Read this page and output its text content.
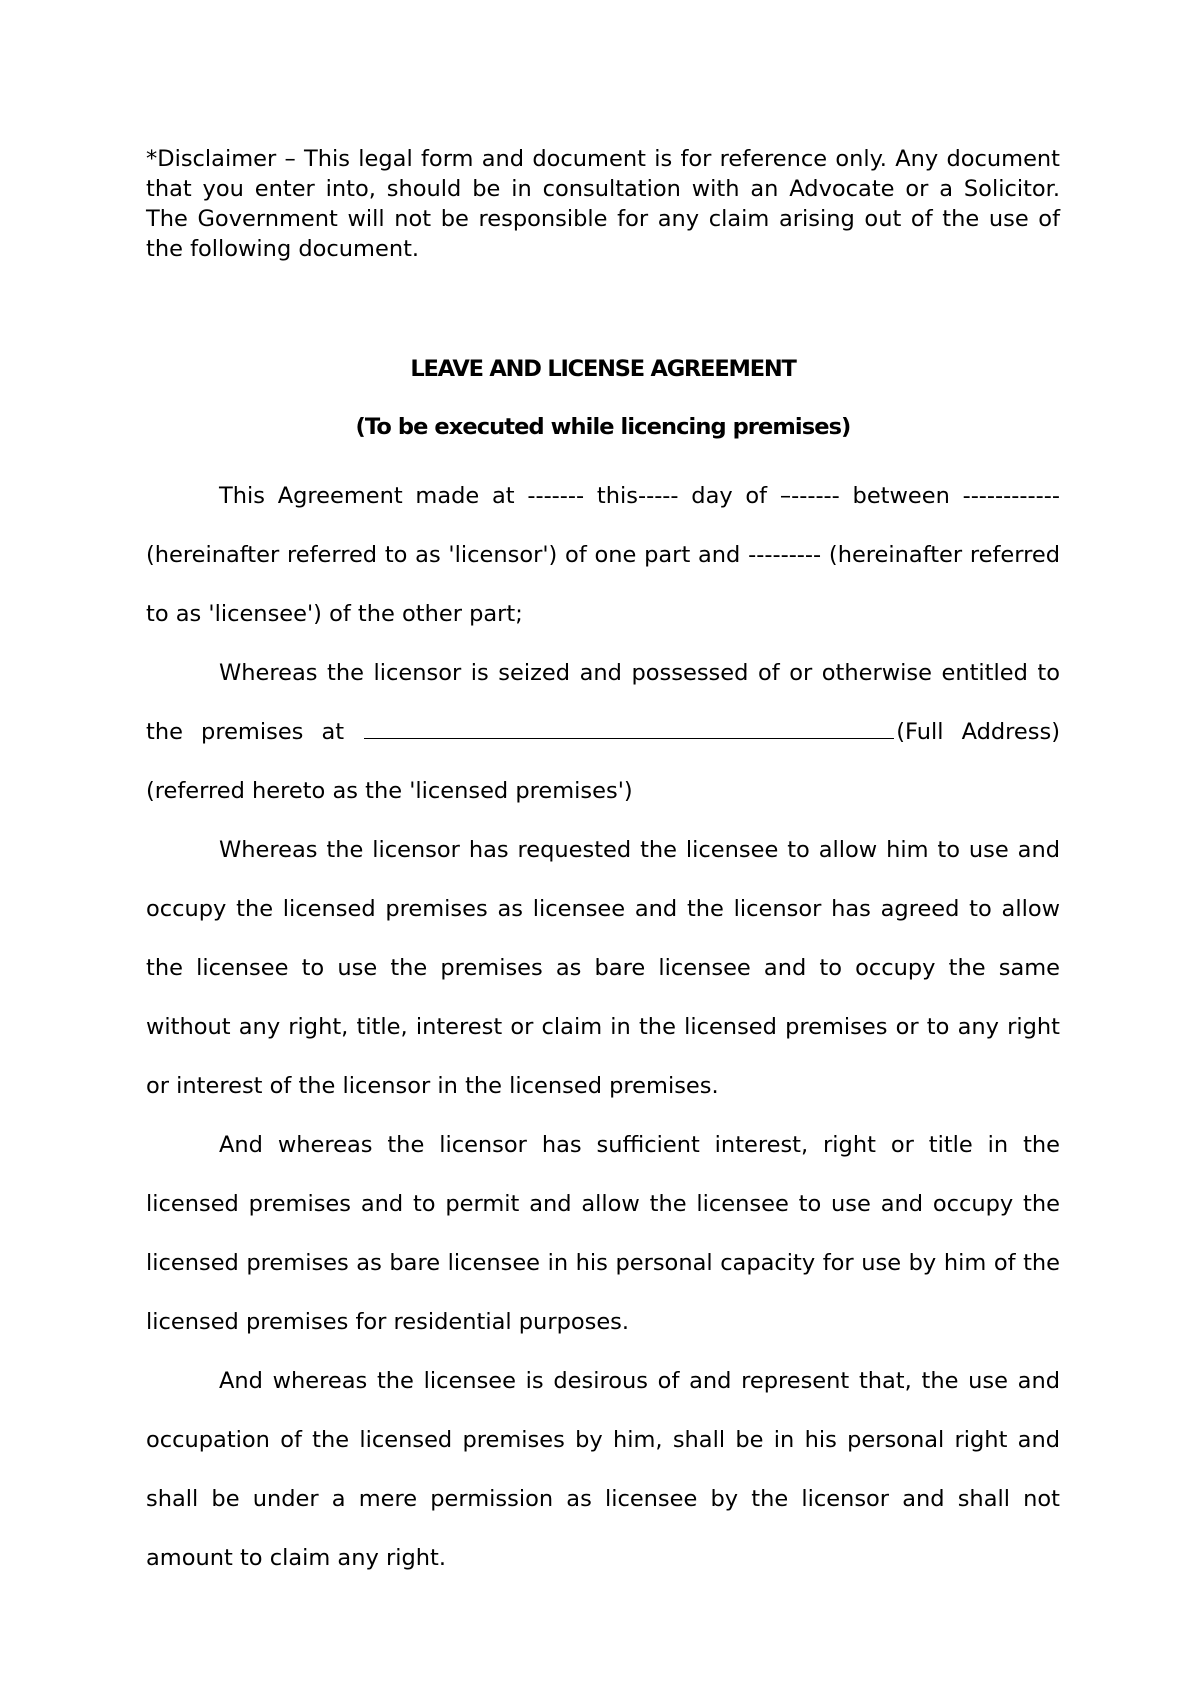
*Disclaimer – This legal form and document is for reference only. Any document that you enter into, should be in consultation with an Advocate or a Solicitor. The Government will not be responsible for any claim arising out of the use of the following document.
LEAVE AND LICENSE AGREEMENT
(To be executed while licencing premises)

This Agreement made at ------- this----- day of –------ between ------------ (hereinafter referred to as 'licensor') of one part and --------- (hereinafter referred to as 'licensee') of the other part;

Whereas the licensor is seized and possessed of or otherwise entitled to the premises at	(Full Address) (referred hereto as the 'licensed premises')

Whereas the licensor has requested the licensee to allow him to use and occupy the licensed premises as licensee and the licensor has agreed to allow the licensee to use the premises as bare licensee and to occupy the same without any right, title, interest or claim in the licensed premises or to any right or interest of the licensor in the licensed premises.

And whereas the licensor has sufficient interest, right or title in the licensed premises and to permit and allow the licensee to use and occupy the licensed premises as bare licensee in his personal capacity for use by him of the licensed premises for residential purposes.

And whereas the licensee is desirous of and represent that, the use and occupation of the licensed premises by him, shall be in his personal right and shall be under a mere permission as licensee by the licensor and shall not amount to claim any right.
